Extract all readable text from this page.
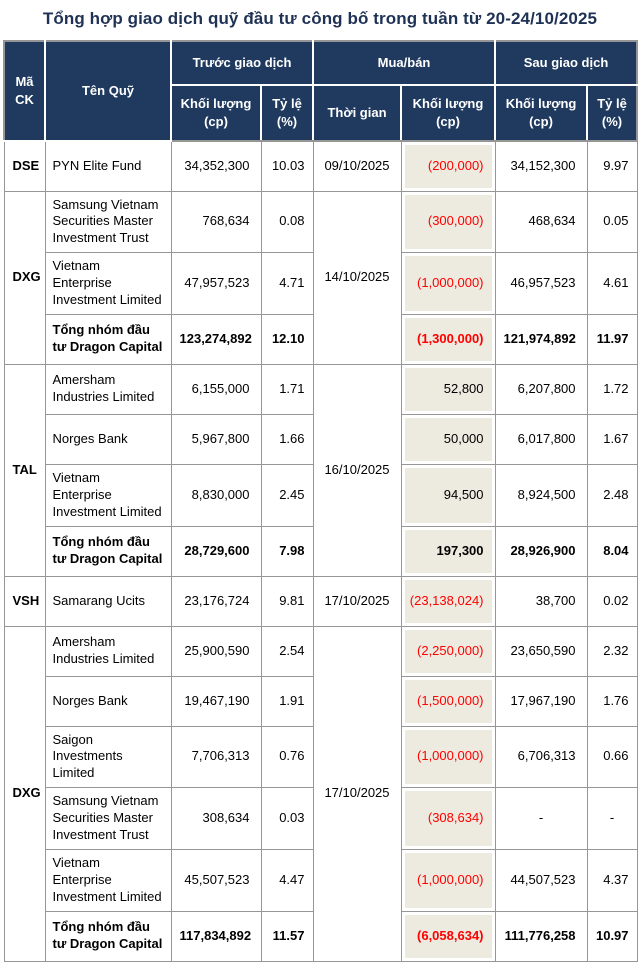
Tổng hợp giao dịch quỹ đầu tư công bố trong tuần từ 20-24/10/2025
Mã CK	Tên Quỹ	Trước giao dịch		Mua/bán		Sau giao dịch	
		Khối lượng (cp)	Tỷ lệ (%)	Thời gian	Khối lượng (cp)	Khối lượng (cp)	Tỷ lệ (%)
DSE	PYN Elite Fund	34,352,300	10.03	09/10/2025	(200,000)	34,152,300	9.97
DXG	Samsung Vietnam Securities Master Investment Trust	768,634	0.08	14/10/2025	(300,000)	468,634	0.05
	Vietnam Enterprise Investment Limited	47,957,523	4.71		(1,000,000)	46,957,523	4.61
	Tổng nhóm đầu tư Dragon Capital	123,274,892	12.10		(1,300,000)	121,974,892	11.97
TAL	Amersham Industries Limited	6,155,000	1.71	16/10/2025	52,800	6,207,800	1.72
	Norges Bank	5,967,800	1.66		50,000	6,017,800	1.67
	Vietnam Enterprise Investment Limited	8,830,000	2.45		94,500	8,924,500	2.48
	Tổng nhóm đầu tư Dragon Capital	28,729,600	7.98		197,300	28,926,900	8.04
VSH	Samarang Ucits	23,176,724	9.81	17/10/2025	(23,138,024)	38,700	0.02
DXG	Amersham Industries Limited	25,900,590	2.54	17/10/2025	(2,250,000)	23,650,590	2.32
	Norges Bank	19,467,190	1.91		(1,500,000)	17,967,190	1.76
	Saigon Investments Limited	7,706,313	0.76		(1,000,000)	6,706,313	0.66
	Samsung Vietnam Securities Master Investment Trust	308,634	0.03		(308,634)	-	-
	Vietnam Enterprise Investment Limited	45,507,523	4.47		(1,000,000)	44,507,523	4.37
	Tổng nhóm đầu tư Dragon Capital	117,834,892	11.57		(6,058,634)	111,776,258	10.97
